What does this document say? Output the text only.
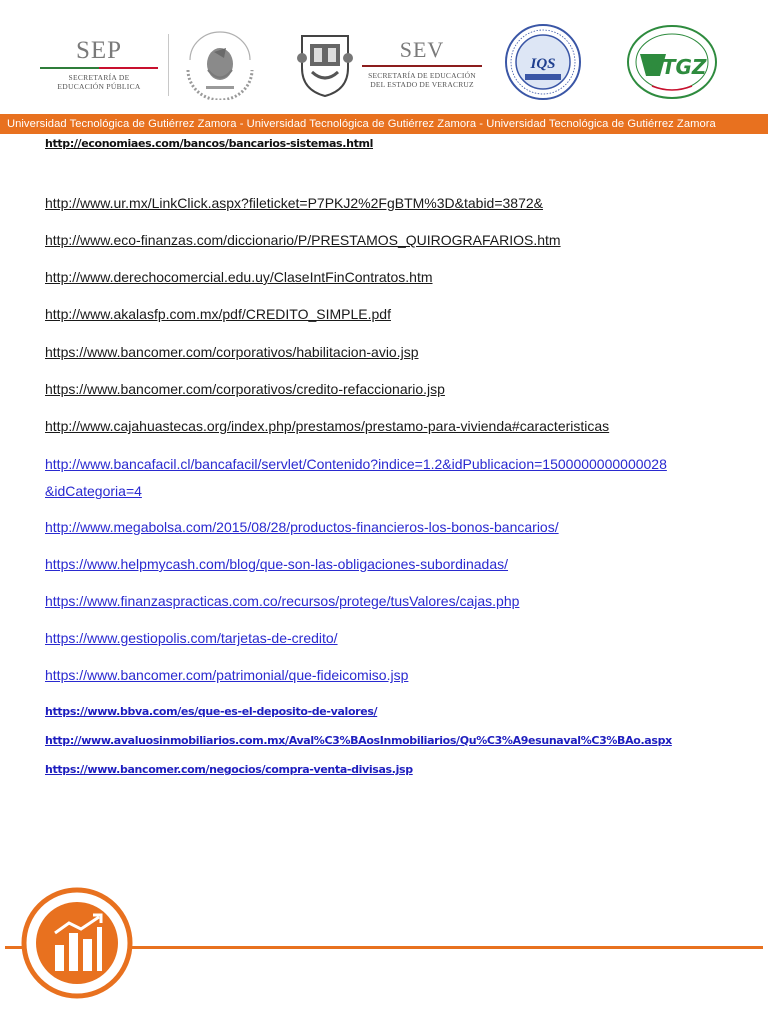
SEP
SECRETARÍA DE
EDUCACIÓN PÚBLICA
SEV
SECRETARÍA DE EDUCACIÓN
DEL ESTADO DE VERACRUZ
IQS	UTGZ
Universidad Tecnológica de Gutiérrez Zamora - Universidad Tecnológica de Gutiérrez Zamora - Universidad Tecnológica de Gutiérrez Zamora
http://economiaes.com/bancos/bancarios-sistemas.html
http://www.ur.mx/LinkClick.aspx?fileticket=P7PKJ2%2FgBTM%3D&tabid=3872&
http://www.eco-finanzas.com/diccionario/P/PRESTAMOS_QUIROGRAFARIOS.htm
http://www.derechocomercial.edu.uy/ClaseIntFinContratos.htm
http://www.akalasfp.com.mx/pdf/CREDITO_SIMPLE.pdf
https://www.bancomer.com/corporativos/habilitacion-avio.jsp
https://www.bancomer.com/corporativos/credito-refaccionario.jsp
http://www.cajahuastecas.org/index.php/prestamos/prestamo-para-vivienda#caracteristicas
http://www.bancafacil.cl/bancafacil/servlet/Contenido?indice=1.2&idPublicacion=1500000000000028
&idCategoria=4
http://www.megabolsa.com/2015/08/28/productos-financieros-los-bonos-bancarios/
https://www.helpmycash.com/blog/que-son-las-obligaciones-subordinadas/
https://www.finanzaspracticas.com.co/recursos/protege/tusValores/cajas.php
https://www.gestiopolis.com/tarjetas-de-credito/
https://www.bancomer.com/patrimonial/que-fideicomiso.jsp
https://www.bbva.com/es/que-es-el-deposito-de-valores/
http://www.avaluosinmobiliarios.com.mx/Aval%C3%BAosInmobiliarios/Qu%C3%A9esunaval%C3%BAo.aspx
https://www.bancomer.com/negocios/compra-venta-divisas.jsp
